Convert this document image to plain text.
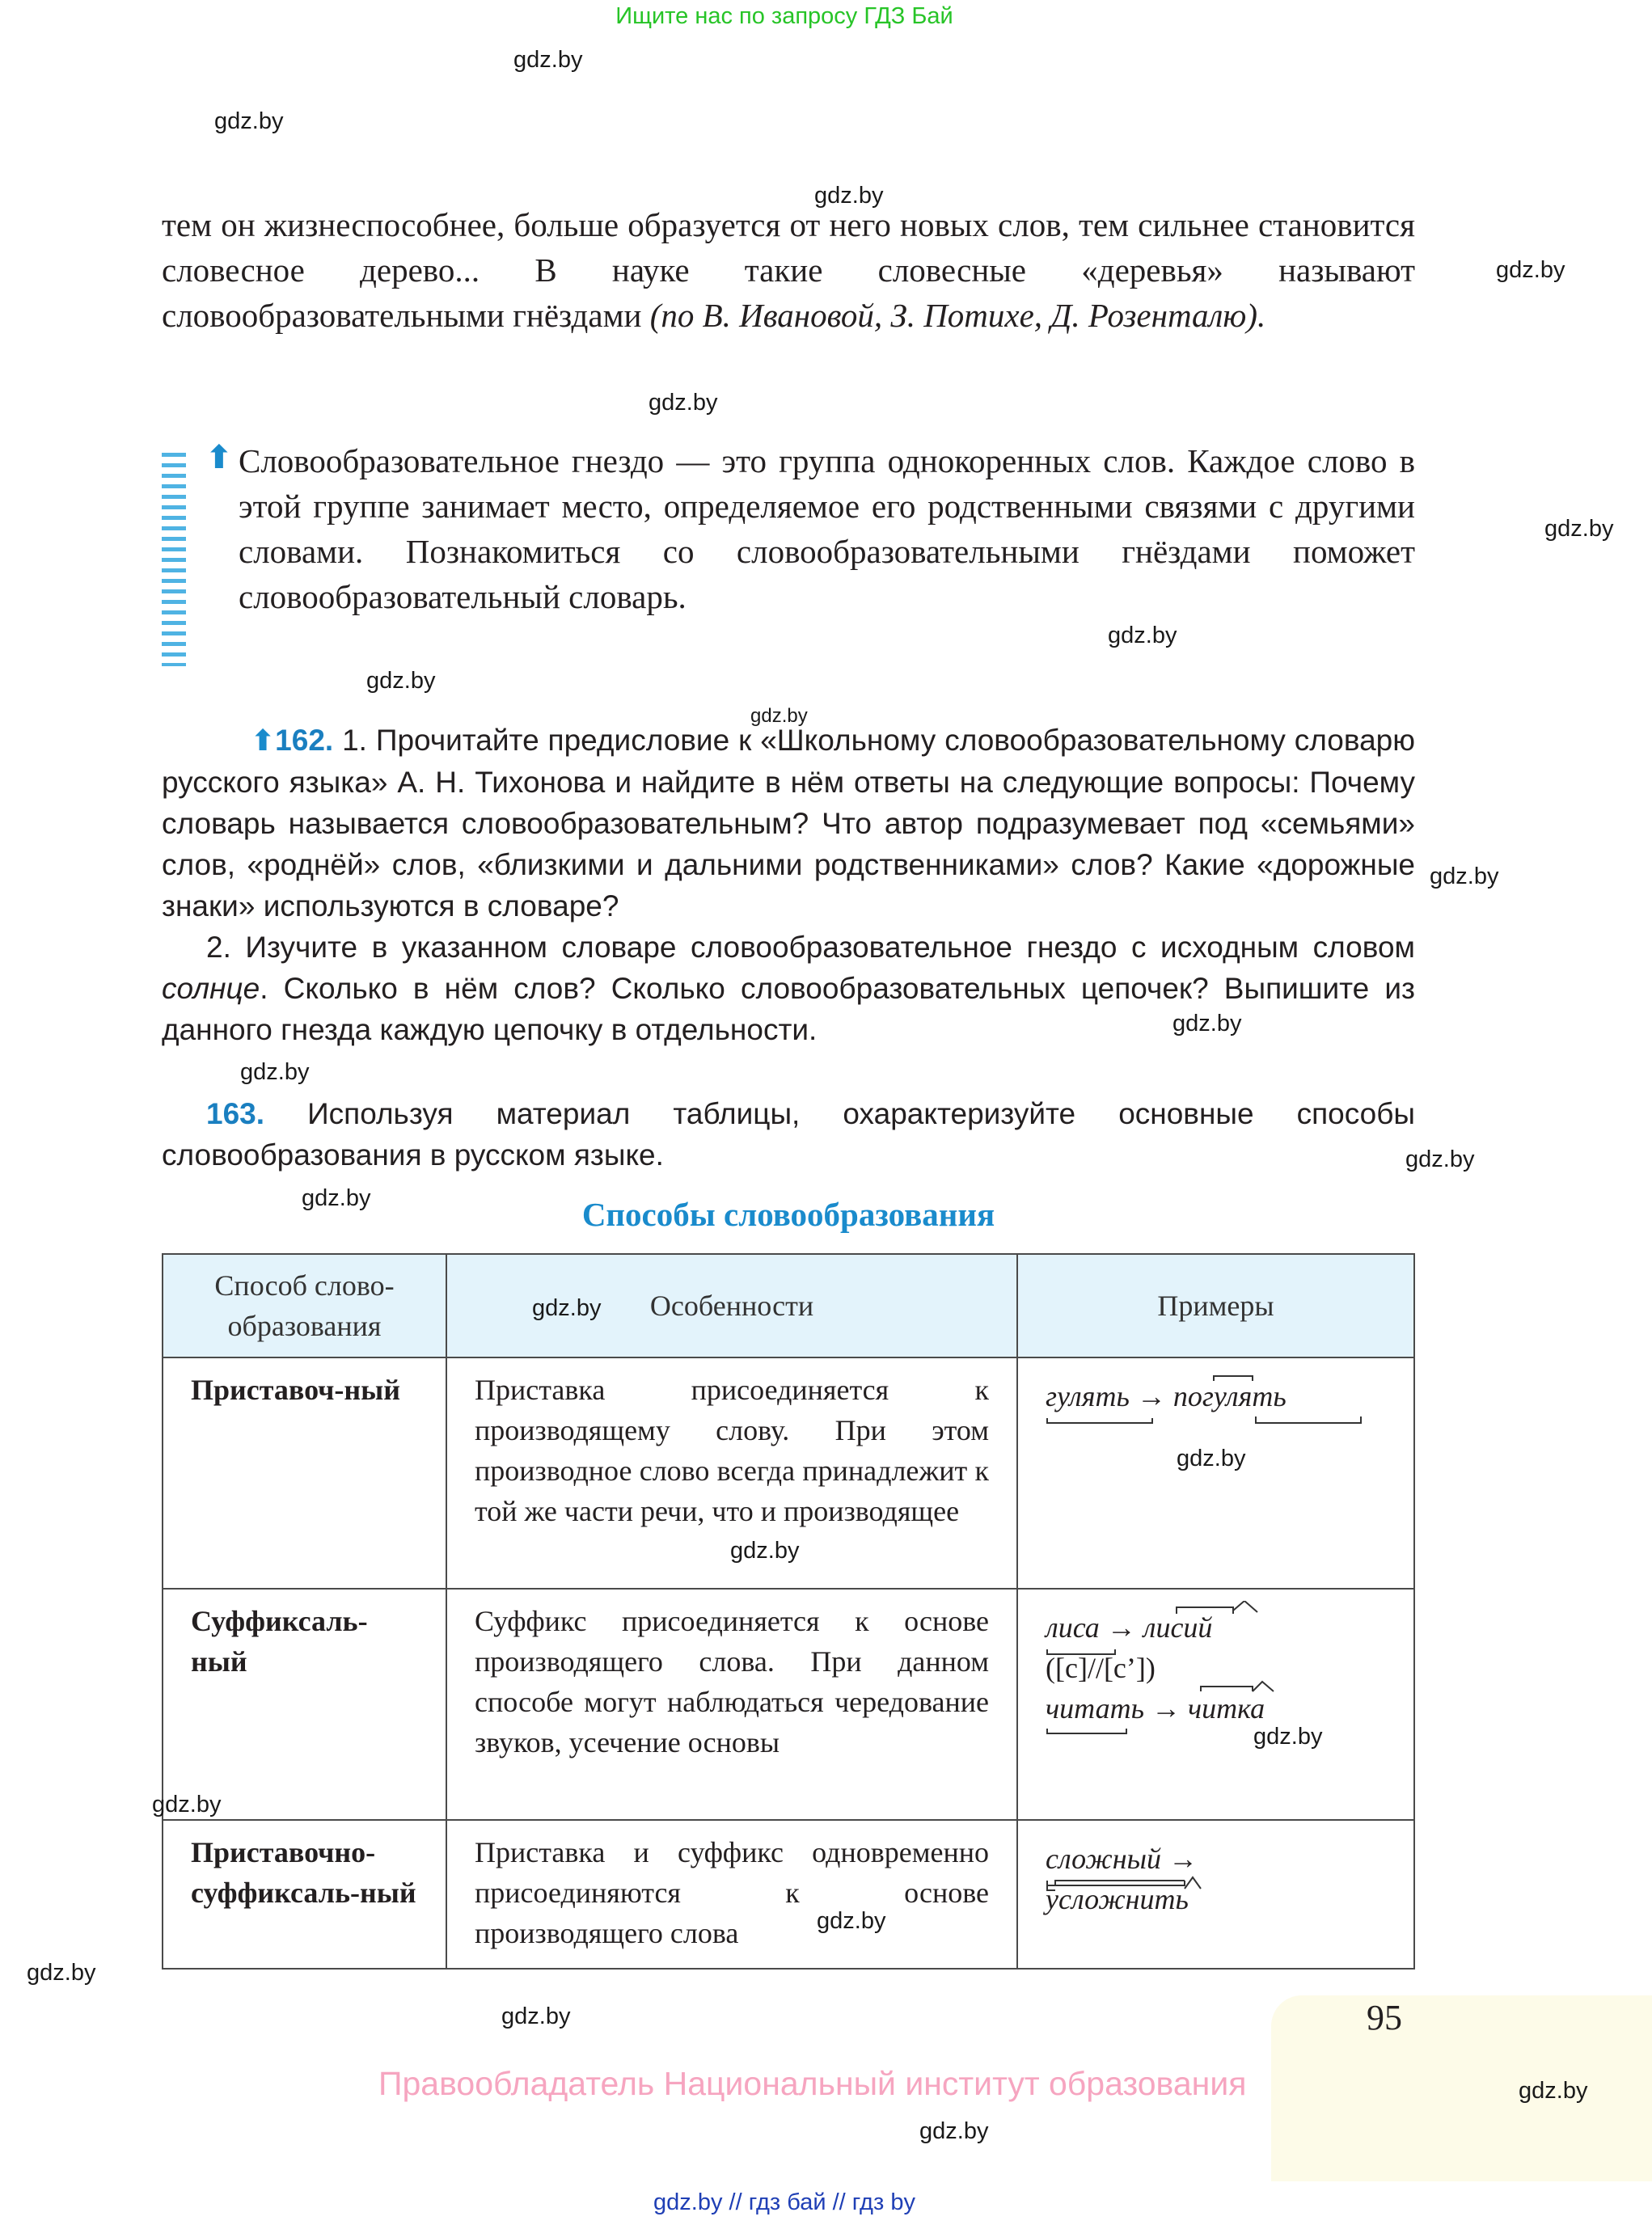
Ищите нас по запросу ГДЗ Бай
gdz.by
gdz.by
gdz.by
gdz.by
gdz.by
gdz.by
gdz.by
gdz.by
gdz.by
gdz.by
gdz.by
gdz.by
gdz.by
gdz.by
gdz.by
gdz.by
gdz.by
gdz.by
gdz.by
gdz.by
gdz.by
gdz.by
gdz.by
gdz.by
тем он жизнеспособнее, больше образуется от него новых слов, тем сильнее становится словесное дерево... В науке такие словесные «деревья» называют словообразовательными гнёздами (по В. Ивановой, З. Потихе, Д. Розенталю).
⬆ Словообразовательное гнездо — это группа однокоренных слов. Каждое слово в этой группе занимает место, определяемое его родственными связями с другими словами. Познакомиться со словообразовательными гнёздами поможет словообразовательный словарь.
⬆162. 1. Прочитайте предисловие к «Школьному словообразовательному словарю русского языка» А. Н. Тихонова и найдите в нём ответы на следующие вопросы: Почему словарь называется словообразовательным? Что автор подразумевает под «семьями» слов, «роднёй» слов, «близкими и дальними родственниками» слов? Какие «дорожные знаки» используются в словаре?
2. Изучите в указанном словаре словообразовательное гнездо с исходным словом солнце. Сколько в нём слов? Сколько словообразовательных цепочек? Выпишите из данного гнезда каждую цепочку в отдельности.
163. Используя материал таблицы, охарактеризуйте основные способы словообразования в русском языке.
Способы словообразования
Способ слово-образования	Особенности	Примеры
Приставоч-ный	Приставка присоединяется к производящему слову. При этом производное слово всегда принадлежит к той же части речи, что и производящее	гулять → погулять

Суффиксаль-ный	Суффикс присоединяется к основе производящего слова. При данном способе могут наблюдаться чередование звуков, усечение основы	лиса → лисий
([с]//[с’])
читать → читка

Приставочно-суффиксаль-ный	Приставка и суффикс одновременно присоединяются к основе производящего слова	сложный →
усложнить
95
Правообладатель Национальный институт образования
gdz.by // гдз бай // гдз by
